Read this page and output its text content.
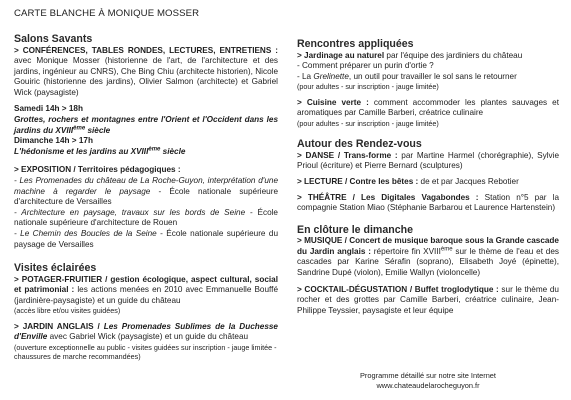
CARTE BLANCHE À MONIQUE MOSSER
Salons Savants

> CONFÉRENCES, TABLES RONDES, LECTURES, ENTRETIENS : avec Monique Mosser (historienne de l'art, de l'architecture et des jardins, ingénieur au CNRS), Che Bing Chiu (architecte historien), Nicole Gouiric (historienne des jardins), Olivier Salmon (architecte) et Gabriel Wick (paysagiste)

Samedi 14h > 18h

Grottes, rochers et montagnes entre l'Orient et l'Occident dans les jardins du XVIIIème siècle

Dimanche 14h > 17h

L'hédonisme et les jardins au XVIIIème siècle

> EXPOSITION / Territoires pédagogiques :

- Les Promenades du château de La Roche-Guyon, interprétation d'une machine à regarder le paysage - École nationale supérieure d'architecture de Versailles

- Architecture en paysage, travaux sur les bords de Seine - École nationale supérieure d'architecture de Rouen

- Le Chemin des Boucles de la Seine - École nationale supérieure du paysage de Versailles

Visites éclairées

> POTAGER-FRUITIER / gestion écologique, aspect cultural, social et patrimonial : les actions menées en 2010 avec Emmanuelle Bouffé (jardinière-paysagiste) et un guide du château

(accès libre et/ou visites guidées)

> JARDIN ANGLAIS / Les Promenades Sublimes de la Duchesse d'Enville avec Gabriel Wick (paysagiste) et un guide du château

(ouverture exceptionnelle au public - visites guidées sur inscription - jauge limitée - chaussures de marche recommandées)
Rencontres appliquées

> Jardinage au naturel par l'équipe des jardiniers du château

- Comment préparer un purin d'ortie ?
- La Grelinette, un outil pour travailler le sol sans le retourner
(pour adultes - sur inscription - jauge limitée)

> Cuisine verte : comment accommoder les plantes sauvages et aromatiques par Camille Barberi, créatrice culinaire

(pour adultes - sur inscription - jauge limitée)
Autour des Rendez-vous

> DANSE / Trans-forme : par Martine Harmel (chorégraphie), Sylvie Prioul (écriture) et Pierre Bernard (sculptures)

> LECTURE / Contre les bêtes : de et par Jacques Rebotier

> THÉÂTRE / Les Digitales Vagabondes : Station n°5 par la compagnie Station Miao (Stéphanie Barbarou et Laurence Hartenstein)

En clôture le dimanche

> MUSIQUE / Concert de musique baroque sous la Grande cascade du Jardin anglais : répertoire fin XVIIIème sur le thème de l'eau et des cascades par Karine Sérafin (soprano), Elisabeth Joyé (épinette), Sandrine Dupé (violon), Emilie Wallyn (violoncelle)

> COCKTAIL-DÉGUSTATION / Buffet troglodytique : sur le thème du rocher et des grottes par Camille Barberi, créatrice culinaire, Jean-Philippe Teyssier, paysagiste et leur équipe

Programme détaillé sur notre site Internet
www.chateaudelarocheguyon.fr
